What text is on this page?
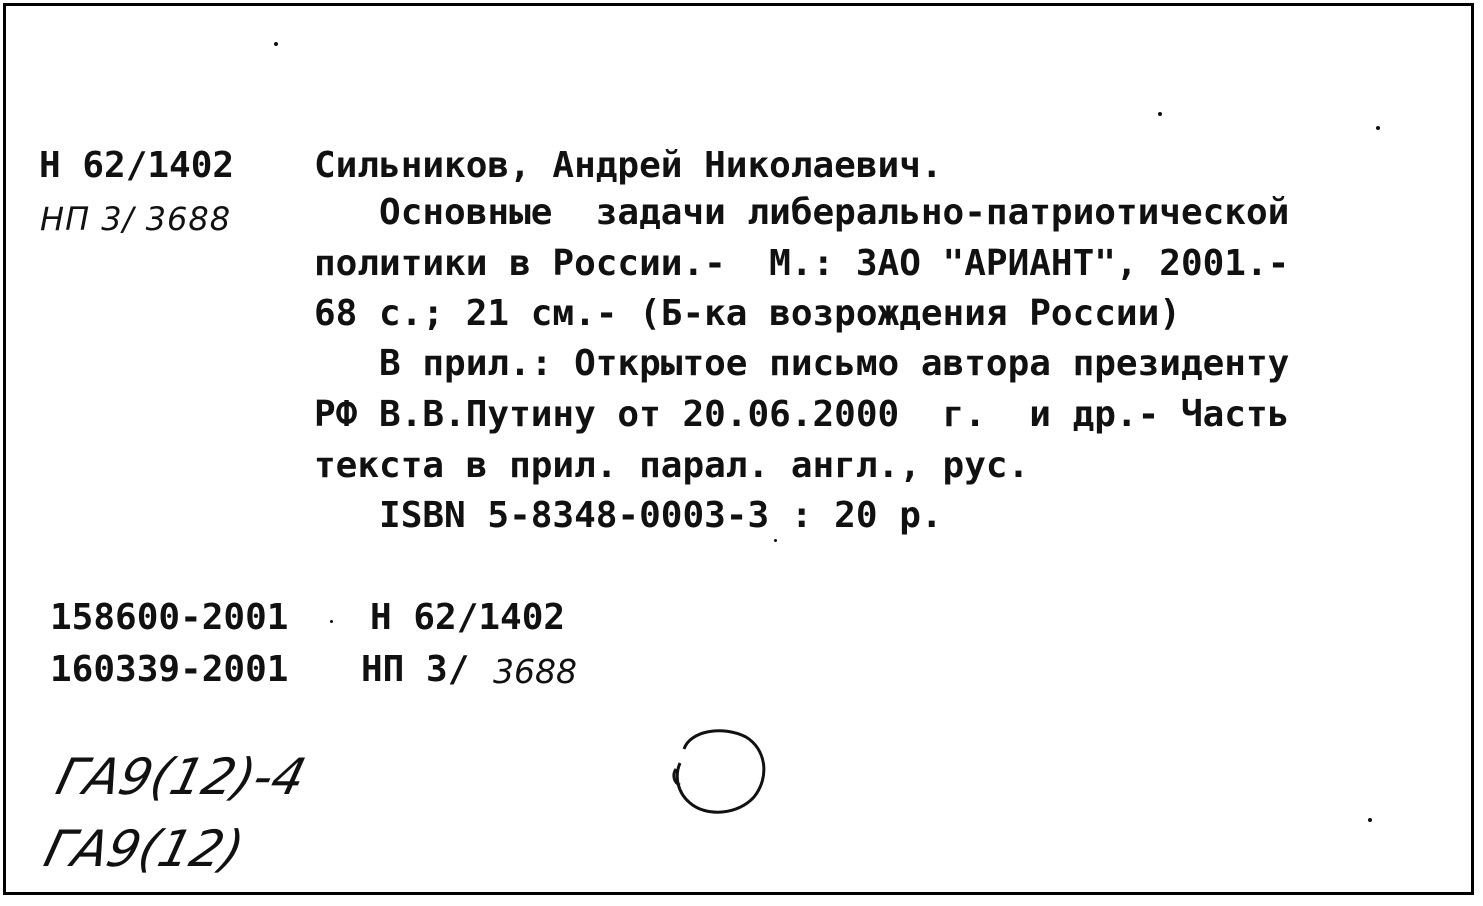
Н 62/1402
НП 3/ 3688
Сильников, Андрей Николаевич.
Основные  задачи либерально-патриотической
политики в России.-  М.: ЗАО "АРИАНТ", 2001.-
68 с.; 21 см.- (Б-ка возрождения России)
В прил.: Открытое письмо автора президенту
РФ В.В.Путину от 20.06.2000  г.  и др.- Часть
текста в прил. парал. англ., рус.
ISBN 5-8348-0003-3 : 20 р.
158600-2001 Н 62/1402
160339-2001 НП 3/ 3688
ГА9(12)-4
ГА9(12)
